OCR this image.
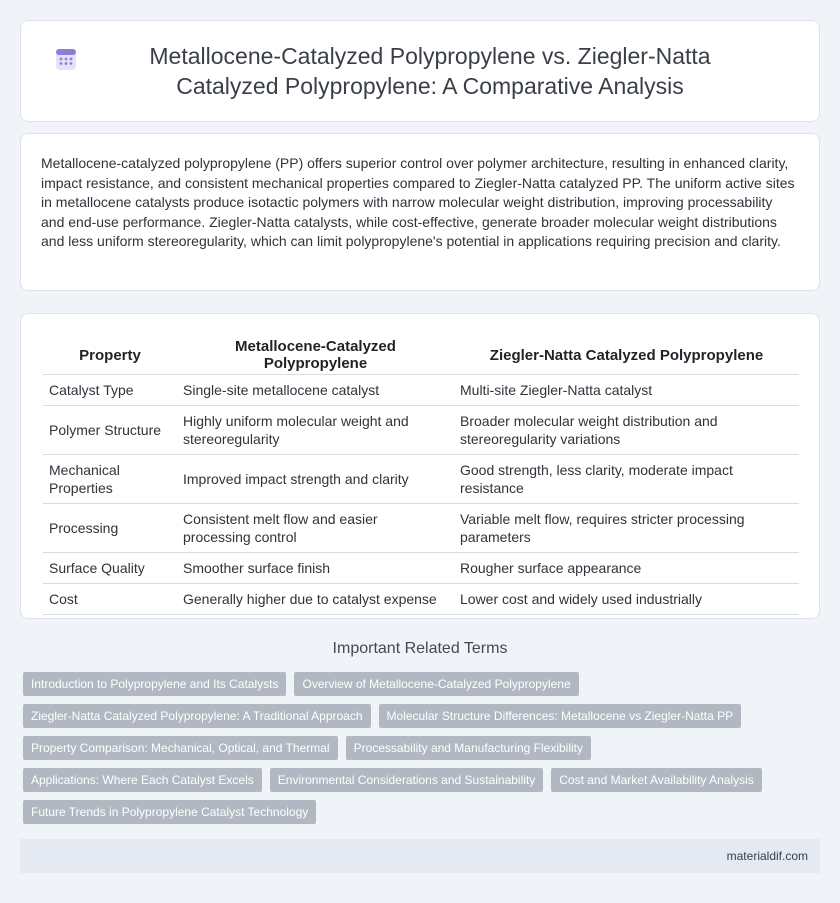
Metallocene-Catalyzed Polypropylene vs. Ziegler-Natta Catalyzed Polypropylene: A Comparative Analysis

Metallocene-catalyzed polypropylene (PP) offers superior control over polymer architecture, resulting in enhanced clarity, impact resistance, and consistent mechanical properties compared to Ziegler-Natta catalyzed PP. The uniform active sites in metallocene catalysts produce isotactic polymers with narrow molecular weight distribution, improving processability and end-use performance. Ziegler-Natta catalysts, while cost-effective, generate broader molecular weight distributions and less uniform stereoregularity, which can limit polypropylene's potential in applications requiring precision and clarity.

Property	Metallocene-Catalyzed Polypropylene	Ziegler-Natta Catalyzed Polypropylene
Catalyst Type	Single-site metallocene catalyst	Multi-site Ziegler-Natta catalyst
Polymer Structure	Highly uniform molecular weight and stereoregularity	Broader molecular weight distribution and stereoregularity variations
Mechanical Properties	Improved impact strength and clarity	Good strength, less clarity, moderate impact resistance
Processing	Consistent melt flow and easier processing control	Variable melt flow, requires stricter processing parameters
Surface Quality	Smoother surface finish	Rougher surface appearance
Cost	Generally higher due to catalyst expense	Lower cost and widely used industrially
Important Related Terms
Introduction to Polypropylene and Its Catalysts	Overview of Metallocene-Catalyzed Polypropylene
Ziegler-Natta Catalyzed Polypropylene: A Traditional Approach	Molecular Structure Differences: Metallocene vs Ziegler-Natta PP
Property Comparison: Mechanical, Optical, and Thermal	Processability and Manufacturing Flexibility
Applications: Where Each Catalyst Excels	Environmental Considerations and Sustainability	Cost and Market Availability Analysis
Future Trends in Polypropylene Catalyst Technology
materialdif.com
